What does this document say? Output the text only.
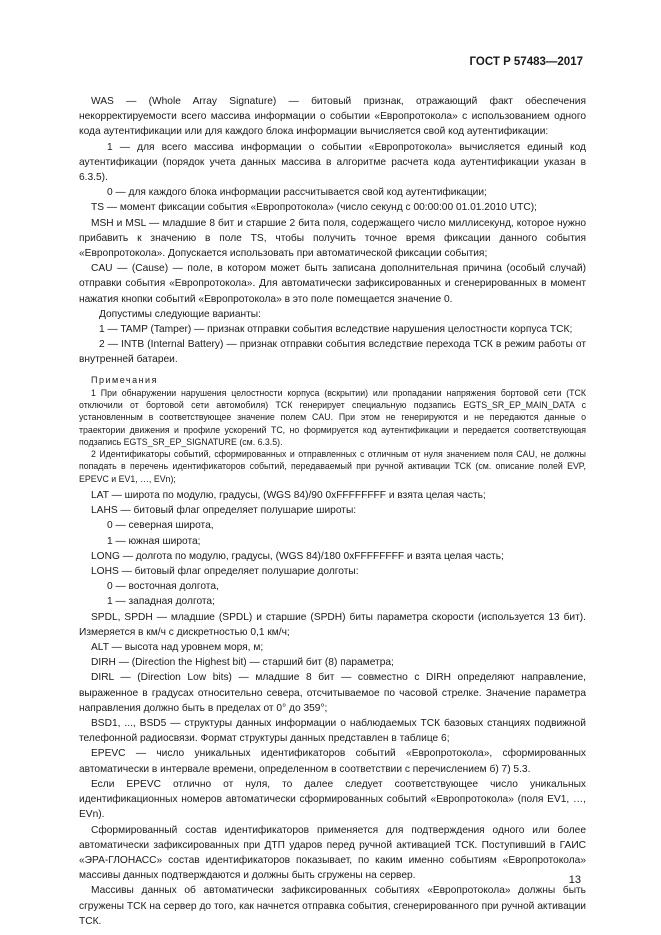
ГОСТ Р 57483—2017
WAS — (Whole Array Signature) — битовый признак, отражающий факт обеспечения некорректируемости всего массива информации о событии «Европротокола» с использованием одного кода аутентификации или для каждого блока информации вычисляется свой код аутентификации:
1 — для всего массива информации о событии «Европротокола» вычисляется единый код аутентификации (порядок учета данных массива в алгоритме расчета кода аутентификации указан в 6.3.5).
0 — для каждого блока информации рассчитывается свой код аутентификации;
TS — момент фиксации события «Европротокола» (число секунд с 00:00:00 01.01.2010 UTC);
MSH и MSL — младшие 8 бит и старшие 2 бита поля, содержащего число миллисекунд, которое нужно прибавить к значению в поле TS, чтобы получить точное время фиксации данного события «Европротокола». Допускается использовать при автоматической фиксации события;
CAU — (Cause) — поле, в котором может быть записана дополнительная причина (особый случай) отправки события «Европротокола». Для автоматически зафиксированных и сгенерированных в момент нажатия кнопки событий «Европротокола» в это поле помещается значение 0.
Допустимы следующие варианты:
1 — TAMP (Tamper) — признак отправки события вследствие нарушения целостности корпуса ТСК;
2 — INTB (Internal Battery) — признак отправки события вследствие перехода ТСК в режим работы от внутренней батареи.
Примечания
1 При обнаружении нарушения целостности корпуса (вскрытии) или пропадании напряжения бортовой сети (ТСК отключили от бортовой сети автомобиля) ТСК генерирует специальную подзапись EGTS_SR_EP_MAIN_DATA с установленным в соответствующее значение полем CAU. При этом не генерируются и не передаются данные о траектории движения и профиле ускорений ТС, но формируется код аутентификации и передается соответствующая подзапись EGTS_SR_EP_SIGNATURE (см. 6.3.5).
2 Идентификаторы событий, сформированных и отправленных с отличным от нуля значением поля CAU, не должны попадать в перечень идентификаторов событий, передаваемый при ручной активации ТСК (см. описание полей EVP, EPEVC и EV1, …, EVn);
LAT — широта по модулю, градусы, (WGS 84)/90 0xFFFFFFFF и взята целая часть;
LAHS — битовый флаг определяет полушарие широты:
0 — северная широта,
1 — южная широта;
LONG — долгота по модулю, градусы, (WGS 84)/180 0xFFFFFFFF и взята целая часть;
LOHS — битовый флаг определяет полушарие долготы:
0 — восточная долгота,
1 — западная долгота;
SPDL, SPDH — младшие (SPDL) и старшие (SPDH) биты параметра скорости (используется 13 бит). Измеряется в км/ч с дискретностью 0,1 км/ч;
ALT — высота над уровнем моря, м;
DIRH — (Direction the Highest bit) — старший бит (8) параметра;
DIRL — (Direction Low bits) — младшие 8 бит — совместно с DIRH определяют направление, выраженное в градусах относительно севера, отсчитываемое по часовой стрелке. Значение параметра направления должно быть в пределах от 0° до 359°;
BSD1, ..., BSD5 — структуры данных информации о наблюдаемых ТСК базовых станциях подвижной телефонной радиосвязи. Формат структуры данных представлен в таблице 6;
EPEVC — число уникальных идентификаторов событий «Европротокола», сформированных автоматически в интервале времени, определенном в соответствии с перечислением б) 7) 5.3.
Если EPEVC отлично от нуля, то далее следует соответствующее число уникальных идентификационных номеров автоматически сформированных событий «Европротокола» (поля EV1, …, EVn).
Сформированный состав идентификаторов применяется для подтверждения одного или более автоматически зафиксированных при ДТП ударов перед ручной активацией ТСК. Поступивший в ГАИС «ЭРА-ГЛОНАСС» состав идентификаторов показывает, по каким именно событиям «Европротокола» массивы данных подтверждаются и должны быть сгружены на сервер.
Массивы данных об автоматически зафиксированных событиях «Европротокола» должны быть сгружены ТСК на сервер до того, как начнется отправка события, сгенерированного при ручной активации ТСК.
13
